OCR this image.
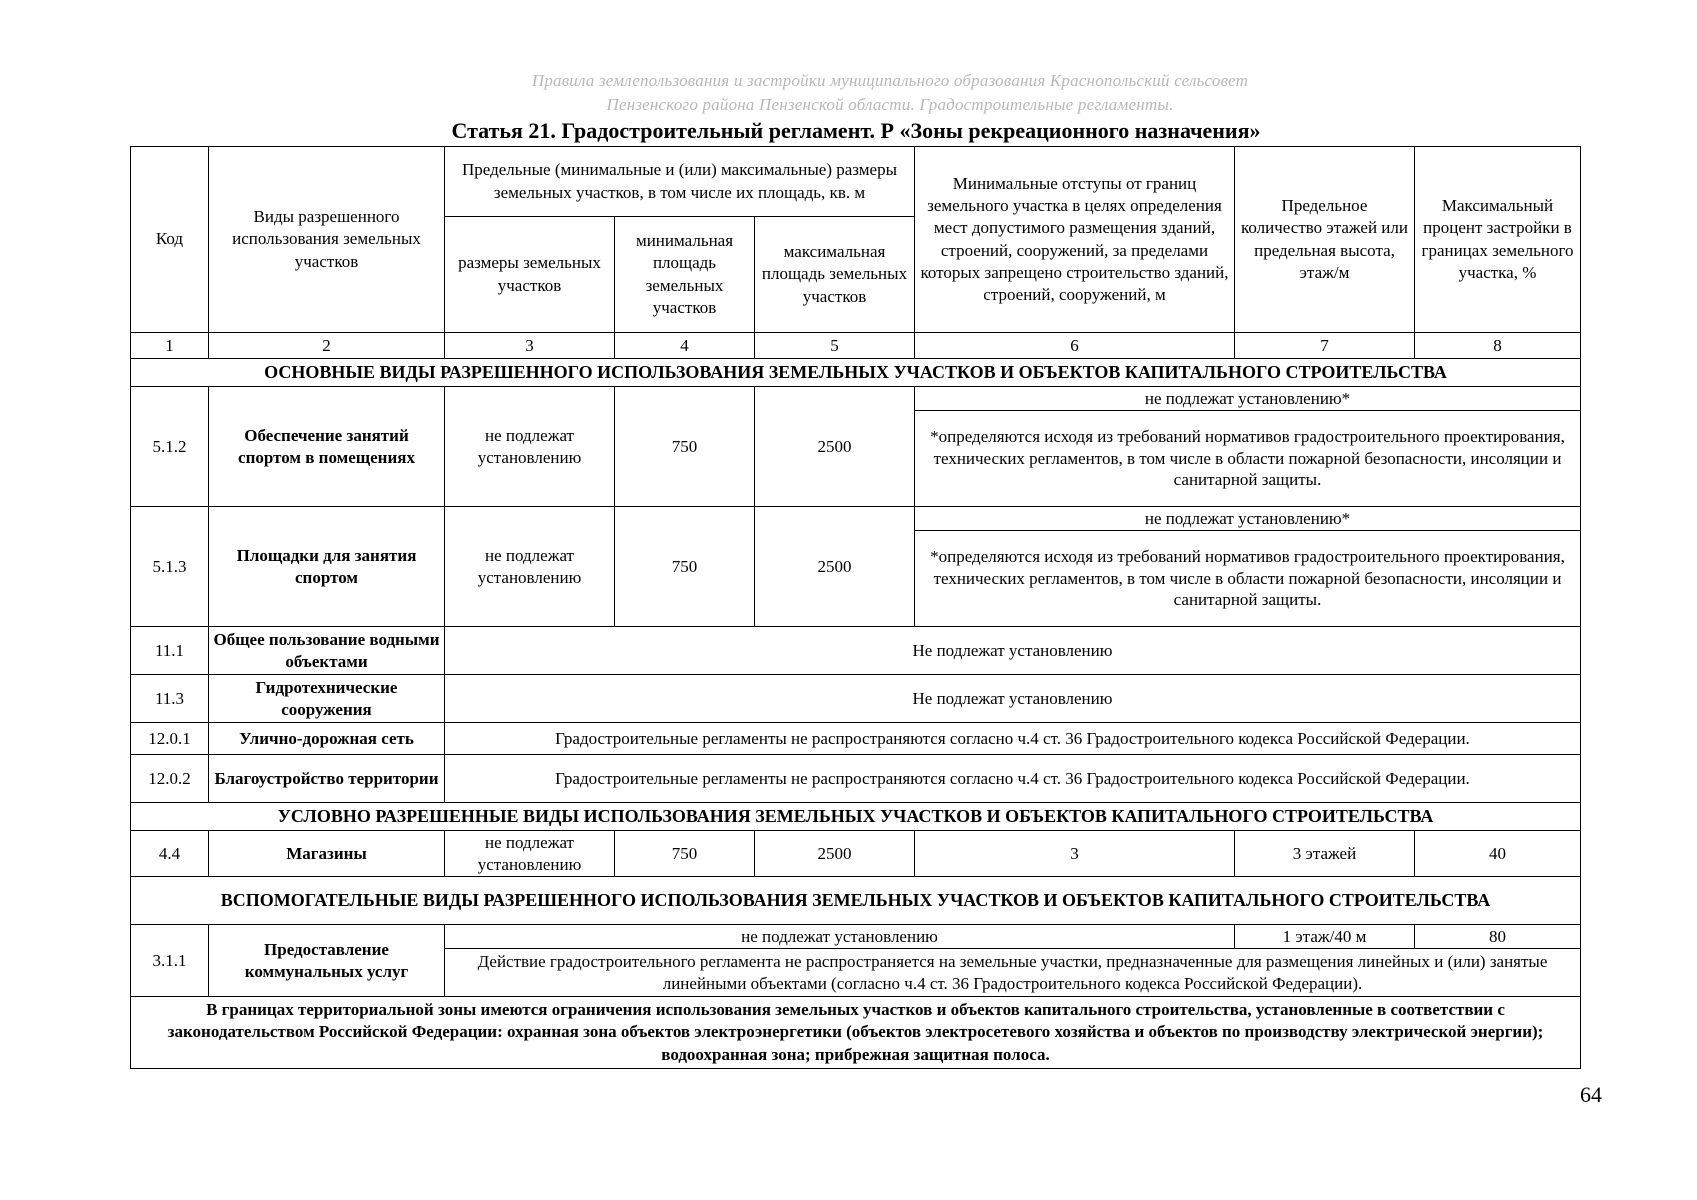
Правила землепользования и застройки муниципального образования Краснопольский сельсовет
Пензенского района Пензенской области. Градостроительные регламенты.
Статья 21. Градостроительный регламент. Р «Зоны рекреационного назначения»
Код	Виды разрешенного использования земельных участков	Предельные (минимальные и (или) максимальные) размеры земельных участков, в том числе их площадь, кв. м			Минимальные отступы от границ земельного участка в целях определения мест допустимого размещения зданий, строений, сооружений, за пределами которых запрещено строительство зданий, строений, сооружений, м	Предельное количество этажей или предельная высота, этаж/м	Максимальный процент застройки в границах земельного участка, %
		размеры земельных участков	минимальная площадь земельных участков	максимальная площадь земельных участков			
1	2	3	4	5	6	7	8
ОСНОВНЫЕ ВИДЫ РАЗРЕШЕННОГО ИСПОЛЬЗОВАНИЯ ЗЕМЕЛЬНЫХ УЧАСТКОВ И ОБЪЕКТОВ КАПИТАЛЬНОГО СТРОИТЕЛЬСТВА							
5.1.2	Обеспечение занятий спортом в помещениях	не подлежат установлению	750	2500	не подлежат установлению*		
					*определяются исходя из требований нормативов градостроительного проектирования, технических регламентов, в том числе в области пожарной безопасности, инсоляции и санитарной защиты.		
5.1.3	Площадки для занятия спортом	не подлежат установлению	750	2500	не подлежат установлению*		
					*определяются исходя из требований нормативов градостроительного проектирования, технических регламентов, в том числе в области пожарной безопасности, инсоляции и санитарной защиты.		
11.1	Общее пользование водными объектами	Не подлежат установлению					
11.3	Гидротехнические сооружения	Не подлежат установлению					
12.0.1	Улично-дорожная сеть	Градостроительные регламенты не распространяются согласно ч.4 ст. 36 Градостроительного кодекса Российской Федерации.					
12.0.2	Благоустройство территории	Градостроительные регламенты не распространяются согласно ч.4 ст. 36 Градостроительного кодекса Российской Федерации.					
УСЛОВНО РАЗРЕШЕННЫЕ ВИДЫ ИСПОЛЬЗОВАНИЯ ЗЕМЕЛЬНЫХ УЧАСТКОВ И ОБЪЕКТОВ КАПИТАЛЬНОГО СТРОИТЕЛЬСТВА							
4.4	Магазины	не подлежат установлению	750	2500	3	3 этажей	40
ВСПОМОГАТЕЛЬНЫЕ ВИДЫ РАЗРЕШЕННОГО ИСПОЛЬЗОВАНИЯ ЗЕМЕЛЬНЫХ УЧАСТКОВ И ОБЪЕКТОВ КАПИТАЛЬНОГО СТРОИТЕЛЬСТВА							
3.1.1	Предоставление коммунальных услуг	не подлежат установлению				1 этаж/40 м	80
		Действие градостроительного регламента не распространяется на земельные участки, предназначенные для размещения линейных и (или) занятые линейными объектами (согласно ч.4 ст. 36 Градостроительного кодекса Российской Федерации).					
В границах территориальной зоны имеются ограничения использования земельных участков и объектов капитального строительства, установленные в соответствии с законодательством Российской Федерации: охранная зона объектов электроэнергетики (объектов электросетевого хозяйства и объектов по производству электрической энергии); водоохранная зона; прибрежная защитная полоса.							
64
